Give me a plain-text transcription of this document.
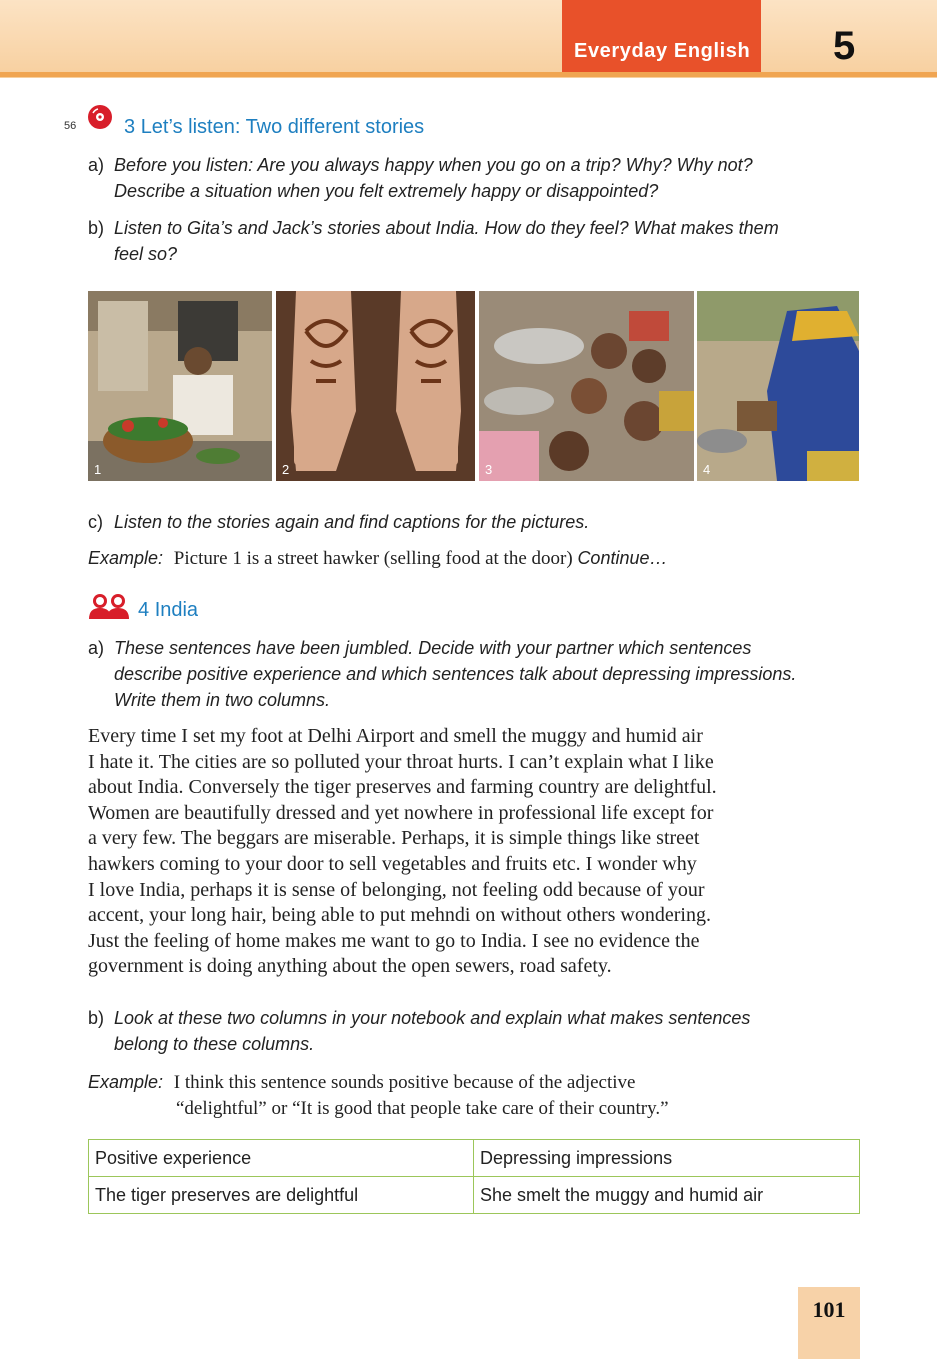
Everyday English 5
56 3 Let’s listen: Two different stories
a) Before you listen: Are you always happy when you go on a trip? Why? Why not?
Describe a situation when you felt extremely happy or disappointed?
b) Listen to Gita’s and Jack’s stories about India. How do they feel? What makes them
feel so?
1	2	3	4
c) Listen to the stories again and find captions for the pictures.
Example: Picture 1 is a street hawker (selling food at the door) Continue…
4 India
a) These sentences have been jumbled. Decide with your partner which sentences
describe positive experience and which sentences talk about depressing impressions.
Write them in two columns.
Every time I set my foot at Delhi Airport and smell the muggy and humid air
I hate it. The cities are so polluted your throat hurts. I can’t explain what I like
about India. Conversely the tiger preserves and farming country are delightful.
Women are beautifully dressed and yet nowhere in professional life except for
a very few. The beggars are miserable. Perhaps, it is simple things like street
hawkers coming to your door to sell vegetables and fruits etc. I wonder why
I love India, perhaps it is sense of belonging, not feeling odd because of your
accent, your long hair, being able to put mehndi on without others wondering.
Just the feeling of home makes me want to go to India. I see no evidence the
government is doing anything about the open sewers, road safety.
b) Look at these two columns in your notebook and explain what makes sentences
belong to these columns.
Example: I think this sentence sounds positive because of the adjective
“delightful” or “It is good that people take care of their country.”
Positive experience	Depressing impressions
The tiger preserves are delightful	She smelt the muggy and humid air
101
